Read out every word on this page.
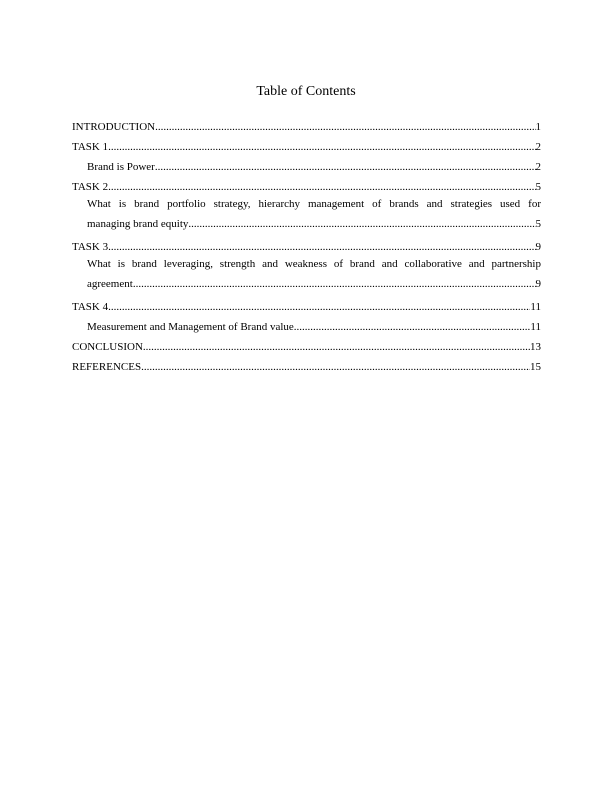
Table of Contents
INTRODUCTION .....	1
TASK 1 .....	2
Brand is Power .....	2
TASK 2 .....	5
What is brand portfolio strategy, hierarchy management of brands and strategies used for
managing brand equity .....	5
TASK 3 .....	9
What is brand leveraging, strength and weakness of brand and collaborative and partnership
agreement .....	9
TASK 4 .....	11
Measurement and Management of Brand value .....	11
CONCLUSION .....	13
REFERENCES .....	15
